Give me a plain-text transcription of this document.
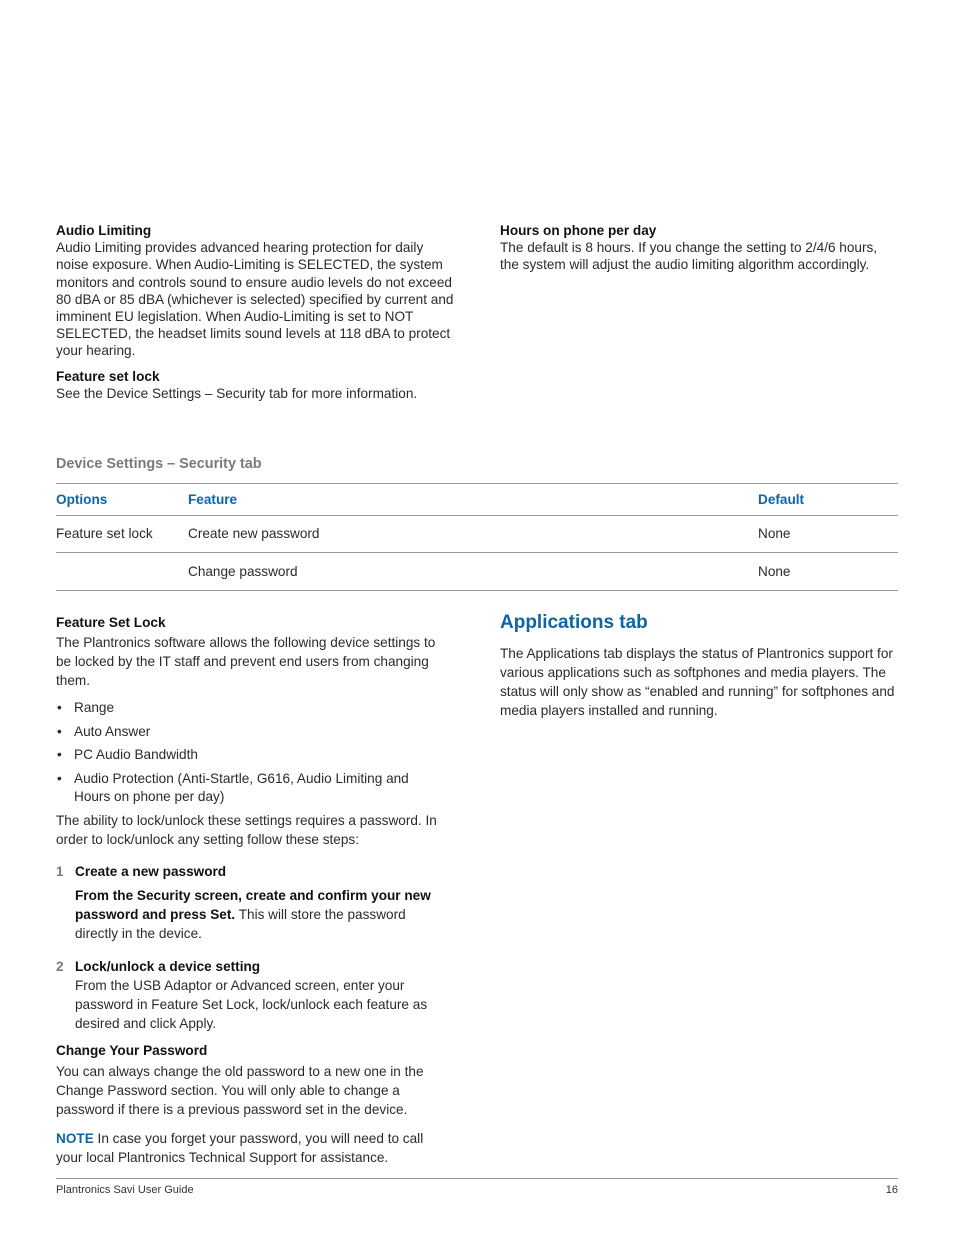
Audio Limiting

Audio Limiting provides advanced hearing protection for daily noise exposure. When Audio-Limiting is SELECTED, the system monitors and controls sound to ensure audio levels do not exceed 80 dBA or 85 dBA (whichever is selected) specified by current and imminent EU legislation. When Audio-Limiting is set to NOT SELECTED, the headset limits sound levels at 118 dBA to protect your hearing.

Feature set lock

See the Device Settings – Security tab for more information.

Hours on phone per day

The default is 8 hours. If you change the setting to 2/4/6 hours, the system will adjust the audio limiting algorithm accordingly.

Device Settings – Security tab
Options	Feature	Default
Feature set lock	Create new password	None
	Change password	None
Feature Set Lock

The Plantronics software allows the following device settings to be locked by the IT staff and prevent end users from changing them.

• Range
• Auto Answer
• PC Audio Bandwidth
• Audio Protection (Anti-Startle, G616, Audio Limiting and Hours on phone per day)

The ability to lock/unlock these settings requires a password. In order to lock/unlock any setting follow these steps:

1 Create a new password

From the Security screen, create and confirm your new password and press Set. This will store the password directly in the device.

2 Lock/unlock a device setting

From the USB Adaptor or Advanced screen, enter your password in Feature Set Lock, lock/unlock each feature as desired and click Apply.

Change Your Password

You can always change the old password to a new one in the Change Password section. You will only able to change a password if there is a previous password set in the device.

NOTE In case you forget your password, you will need to call your local Plantronics Technical Support for assistance.

Applications tab

The Applications tab displays the status of Plantronics support for various applications such as softphones and media players. The status will only show as “enabled and running” for softphones and media players installed and running.

Plantronics Savi User Guide	16
